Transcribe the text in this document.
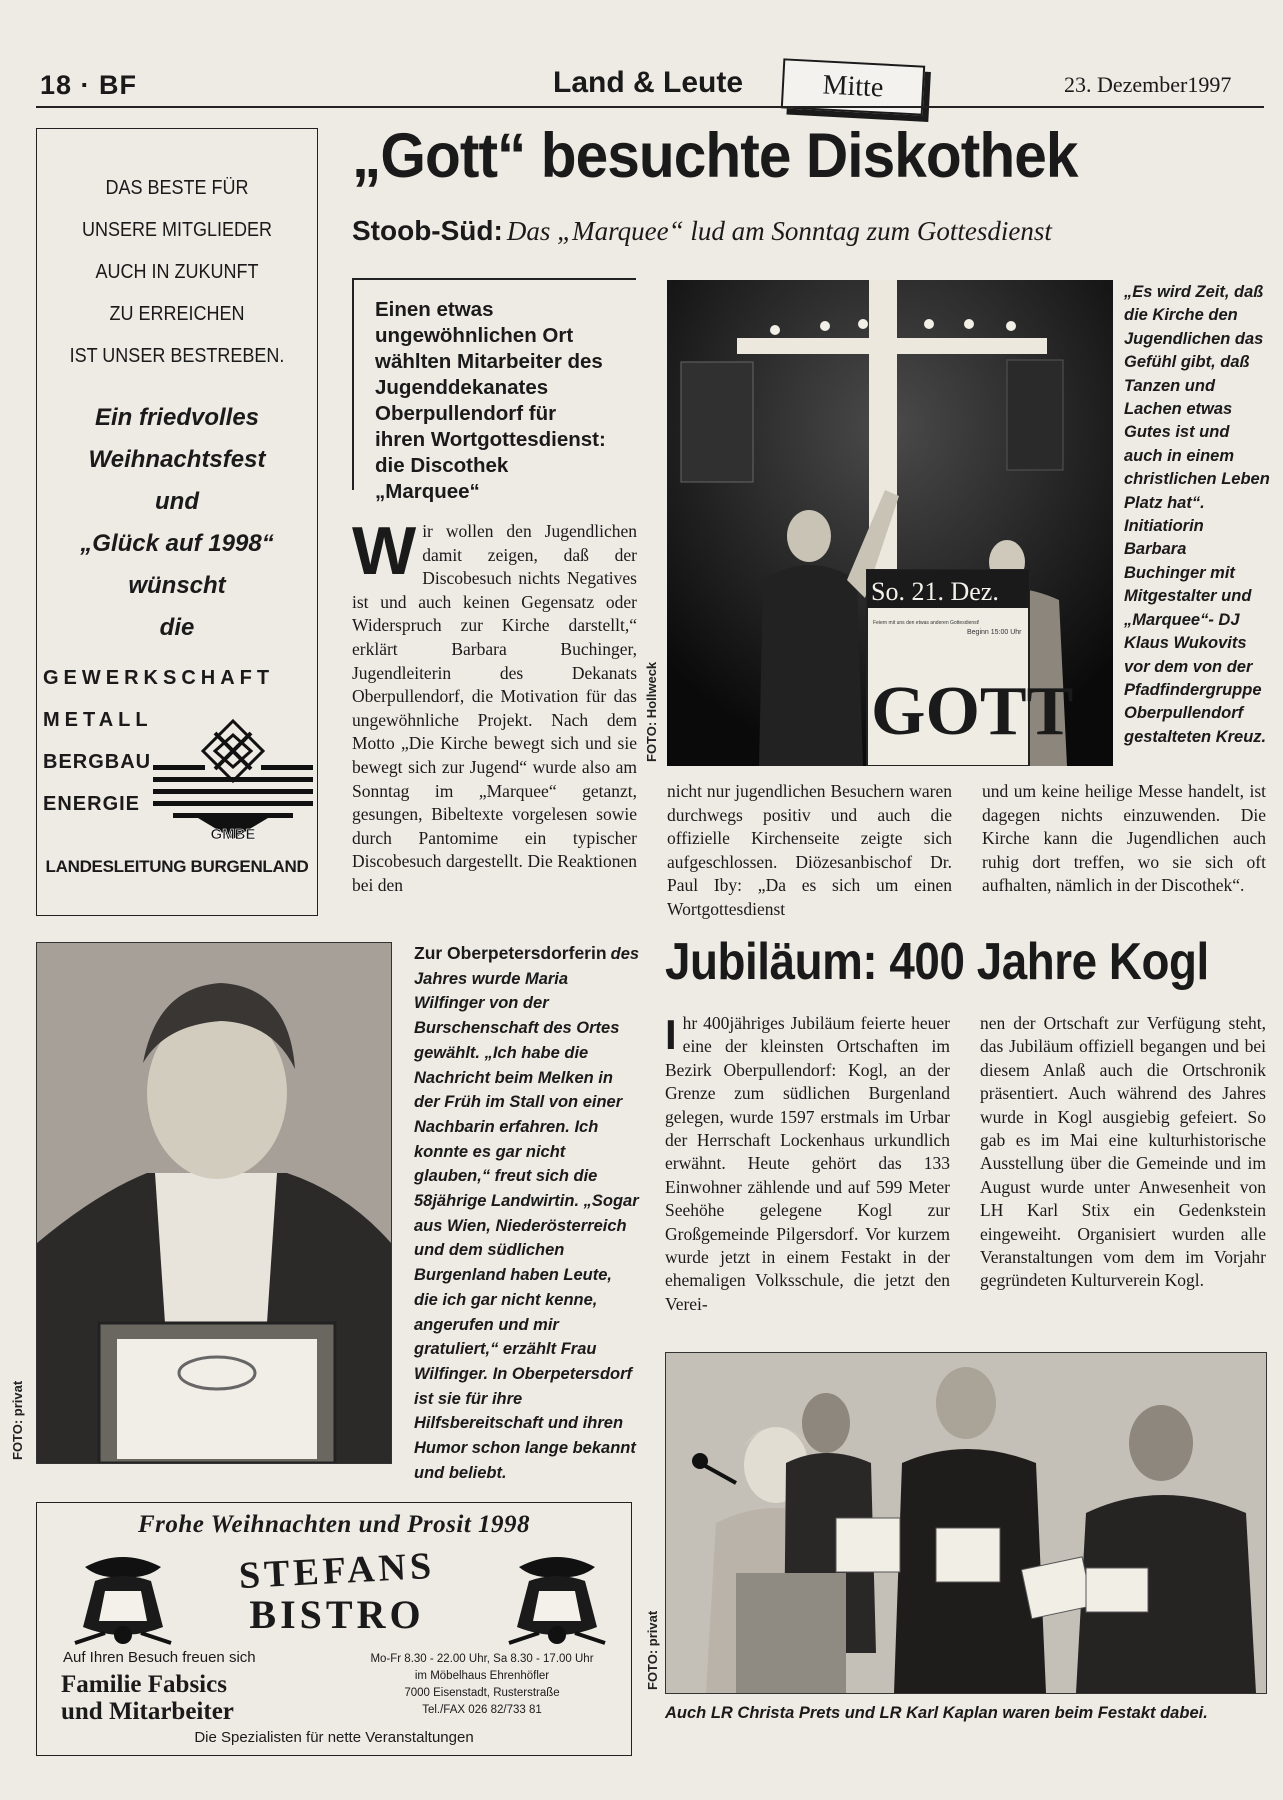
18 · BF	Land & Leute	Mitte	23. Dezember1997
DAS BESTE FÜR
UNSERE MITGLIEDER
AUCH IN ZUKUNFT
ZU ERREICHEN
IST UNSER BESTREBEN.
Ein friedvolles
Weihnachtsfest
und
„Glück auf 1998“
wünscht
die
GEWERKSCHAFT
METALL
BERGBAU
ENERGIE
GMBE
LANDESLEITUNG BURGENLAND
„Gott“ besuchte Diskothek
Stoob-Süd: Das „Marquee“ lud am Sonntag zum Gottesdienst
Einen etwas ungewöhnlichen Ort wählten Mitarbeiter des Jugenddekanates Oberpullendorf für ihren Wortgottesdienst: die Discothek „Marquee“
W ir wollen den Jugendlichen damit zeigen, daß der Discobesuch nichts Negatives ist und auch keinen Gegensatz oder Widerspruch zur Kirche darstellt,“ erklärt Barbara Buchinger, Jugendleiterin des Dekanats Oberpullendorf, die Motivation für das ungewöhnliche Projekt. Nach dem Motto „Die Kirche bewegt sich und sie bewegt sich zur Jugend“ wurde also am Sonntag im „Marquee“ getanzt, gesungen, Bibeltexte vorgelesen sowie durch Pantomime ein typischer Discobesuch dargestellt. Die Reaktionen bei den
So. 21. Dez.
Feiern mit uns den etwas anderen Gottesdienst!
Beginn 15:00 Uhr
GOTT
FOTO: Hollweck
„Es wird Zeit, daß die Kirche den Jugendlichen das Gefühl gibt, daß Tanzen und Lachen etwas Gutes ist und auch in einem christlichen Leben Platz hat“. Initiatiorin Barbara Buchinger mit Mitgestalter und „Marquee“- DJ Klaus Wukovits vor dem von der Pfadfindergruppe Oberpullendorf gestalteten Kreuz.
nicht nur jugendlichen Besuchern waren durchwegs positiv und auch die offizielle Kirchenseite zeigte sich aufgeschlossen. Diözesanbischof Dr. Paul Iby: „Da es sich um einen Wortgottesdienst
und um keine heilige Messe handelt, ist dagegen nichts einzuwenden. Die Kirche kann die Jugendlichen auch ruhig dort treffen, wo sie sich oft aufhalten, nämlich in der Discothek“.
FOTO: privat
Zur Oberpetersdorferin des Jahres wurde Maria Wilfinger von der Burschenschaft des Ortes gewählt. „Ich habe die Nachricht beim Melken in der Früh im Stall von einer Nachbarin erfahren. Ich konnte es gar nicht glauben,“ freut sich die 58jährige Landwirtin. „Sogar aus Wien, Niederösterreich und dem südlichen Burgenland haben Leute, die ich gar nicht kenne, angerufen und mir gratuliert,“ erzählt Frau Wilfinger. In Oberpetersdorf ist sie für ihre Hilfsbereitschaft und ihren Humor schon lange bekannt und beliebt.
Frohe Weihnachten und Prosit 1998
STEFANS
BISTRO
Auf Ihren Besuch freuen sich
Familie Fabsics
und Mitarbeiter
Mo-Fr 8.30 - 22.00 Uhr, Sa 8.30 - 17.00 Uhr
im Möbelhaus Ehrenhöfler
7000 Eisenstadt, Rusterstraße
Tel./FAX 026 82/733 81
Die Spezialisten für nette Veranstaltungen
Jubiläum: 400 Jahre Kogl
I hr 400jähriges Jubiläum feierte heuer eine der kleinsten Ortschaften im Bezirk Oberpullendorf: Kogl, an der Grenze zum südlichen Burgenland gelegen, wurde 1597 erstmals im Urbar der Herrschaft Lockenhaus urkundlich erwähnt. Heute gehört das 133 Einwohner zählende und auf 599 Meter Seehöhe gelegene Kogl zur Großgemeinde Pilgersdorf. Vor kurzem wurde jetzt in einem Festakt in der ehemaligen Volksschule, die jetzt den Verei-
nen der Ortschaft zur Verfügung steht, das Jubiläum offiziell begangen und bei diesem Anlaß auch die Ortschronik präsentiert. Auch während des Jahres wurde in Kogl ausgiebig gefeiert. So gab es im Mai eine kulturhistorische Ausstellung über die Gemeinde und im August wurde unter Anwesenheit von LH Karl Stix ein Gedenkstein eingeweiht. Organisiert wurden alle Veranstaltungen vom dem im Vorjahr gegründeten Kulturverein Kogl.
FOTO: privat
Auch LR Christa Prets und LR Karl Kaplan waren beim Festakt dabei.
